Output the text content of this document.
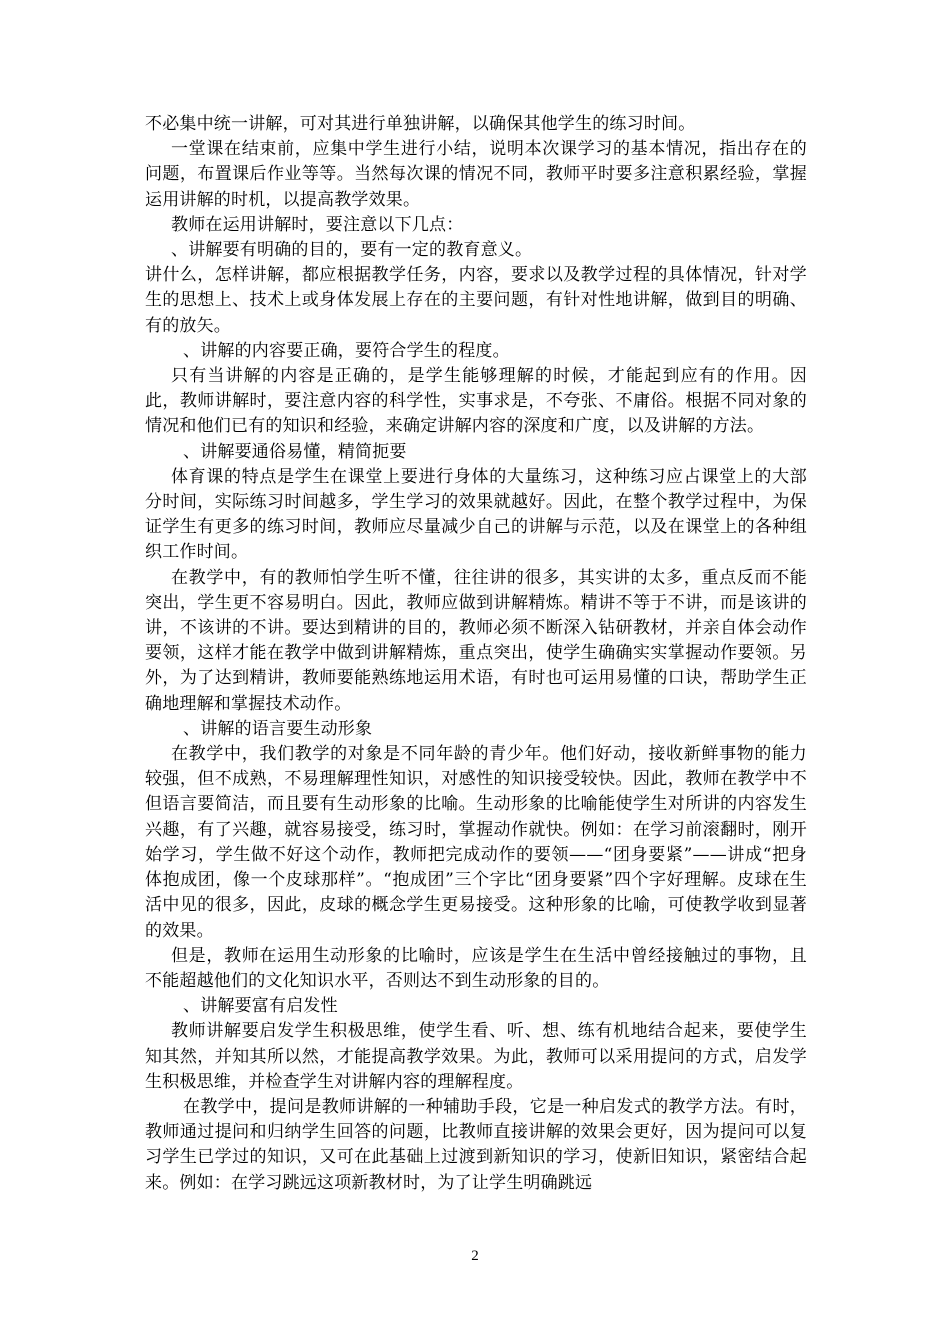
不必集中统一讲解，可对其进行单独讲解，以确保其他学生的练习时间。

一堂课在结束前，应集中学生进行小结，说明本次课学习的基本情况，指出存在的问题，布置课后作业等等。当然每次课的情况不同，教师平时要多注意积累经验，掌握运用讲解的时机，以提高教学效果。

教师在运用讲解时，要注意以下几点：

、讲解要有明确的目的，要有一定的教育意义。

讲什么，怎样讲解，都应根据教学任务，内容，要求以及教学过程的具体情况，针对学生的思想上、技术上或身体发展上存在的主要问题，有针对性地讲解，做到目的明确、有的放矢。

、讲解的内容要正确，要符合学生的程度。

只有当讲解的内容是正确的，是学生能够理解的时候，才能起到应有的作用。因此，教师讲解时，要注意内容的科学性，实事求是，不夸张、不庸俗。根据不同对象的情况和他们已有的知识和经验，来确定讲解内容的深度和广度，以及讲解的方法。

、讲解要通俗易懂，精简扼要

体育课的特点是学生在课堂上要进行身体的大量练习，这种练习应占课堂上的大部分时间，实际练习时间越多，学生学习的效果就越好。因此，在整个教学过程中，为保证学生有更多的练习时间，教师应尽量减少自己的讲解与示范，以及在课堂上的各种组织工作时间。

在教学中，有的教师怕学生听不懂，往往讲的很多，其实讲的太多，重点反而不能突出，学生更不容易明白。因此，教师应做到讲解精炼。精讲不等于不讲，而是该讲的讲，不该讲的不讲。要达到精讲的目的，教师必须不断深入钻研教材，并亲自体会动作要领，这样才能在教学中做到讲解精炼，重点突出，使学生确确实实掌握动作要领。另外，为了达到精讲，教师要能熟练地运用术语，有时也可运用易懂的口诀，帮助学生正确地理解和掌握技术动作。

、讲解的语言要生动形象

在教学中，我们教学的对象是不同年龄的青少年。他们好动，接收新鲜事物的能力较强，但不成熟，不易理解理性知识，对感性的知识接受较快。因此，教师在教学中不但语言要简洁，而且要有生动形象的比喻。生动形象的比喻能使学生对所讲的内容发生兴趣，有了兴趣，就容易接受，练习时，掌握动作就快。例如：在学习前滚翻时，刚开始学习，学生做不好这个动作，教师把完成动作的要领——“团身要紧”——讲成“把身体抱成团，像一个皮球那样”。“抱成团”三个字比“团身要紧”四个字好理解。皮球在生活中见的很多，因此，皮球的概念学生更易接受。这种形象的比喻，可使教学收到显著的效果。

但是，教师在运用生动形象的比喻时，应该是学生在生活中曾经接触过的事物，且不能超越他们的文化知识水平，否则达不到生动形象的目的。

、讲解要富有启发性

教师讲解要启发学生积极思维，使学生看、听、想、练有机地结合起来，要使学生知其然，并知其所以然，才能提高教学效果。为此，教师可以采用提问的方式，启发学生积极思维，并检查学生对讲解内容的理解程度。

在教学中，提问是教师讲解的一种辅助手段，它是一种启发式的教学方法。有时，教师通过提问和归纳学生回答的问题，比教师直接讲解的效果会更好，因为提问可以复习学生已学过的知识，又可在此基础上过渡到新知识的学习，使新旧知识，紧密结合起来。例如：在学习跳远这项新教材时，为了让学生明确跳远

2
